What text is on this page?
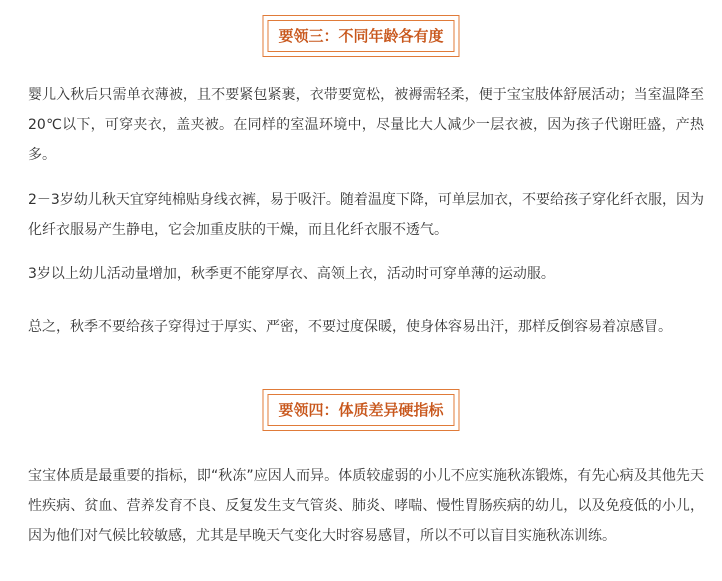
要领三：不同年龄各有度

婴儿入秋后只需单衣薄被，且不要紧包紧裹，衣带要宽松，被褥需轻柔，便于宝宝肢体舒展活动；当室温降至20℃以下，可穿夹衣，盖夹被。在同样的室温环境中，尽量比大人减少一层衣被，因为孩子代谢旺盛，产热多。

2－3岁幼儿秋天宜穿纯棉贴身线衣裤，易于吸汗。随着温度下降，可单层加衣，不要给孩子穿化纤衣服，因为化纤衣服易产生静电，它会加重皮肤的干燥，而且化纤衣服不透气。

3岁以上幼儿活动量增加，秋季更不能穿厚衣、高领上衣，活动时可穿单薄的运动服。

总之，秋季不要给孩子穿得过于厚实、严密，不要过度保暖，使身体容易出汗，那样反倒容易着凉感冒。

要领四：体质差异硬指标

宝宝体质是最重要的指标，即“秋冻”应因人而异。体质较虚弱的小儿不应实施秋冻锻炼，有先心病及其他先天性疾病、贫血、营养发育不良、反复发生支气管炎、肺炎、哮喘、慢性胃肠疾病的幼儿，以及免疫低的小儿，因为他们对气候比较敏感，尤其是早晚天气变化大时容易感冒，所以不可以盲目实施秋冻训练。
